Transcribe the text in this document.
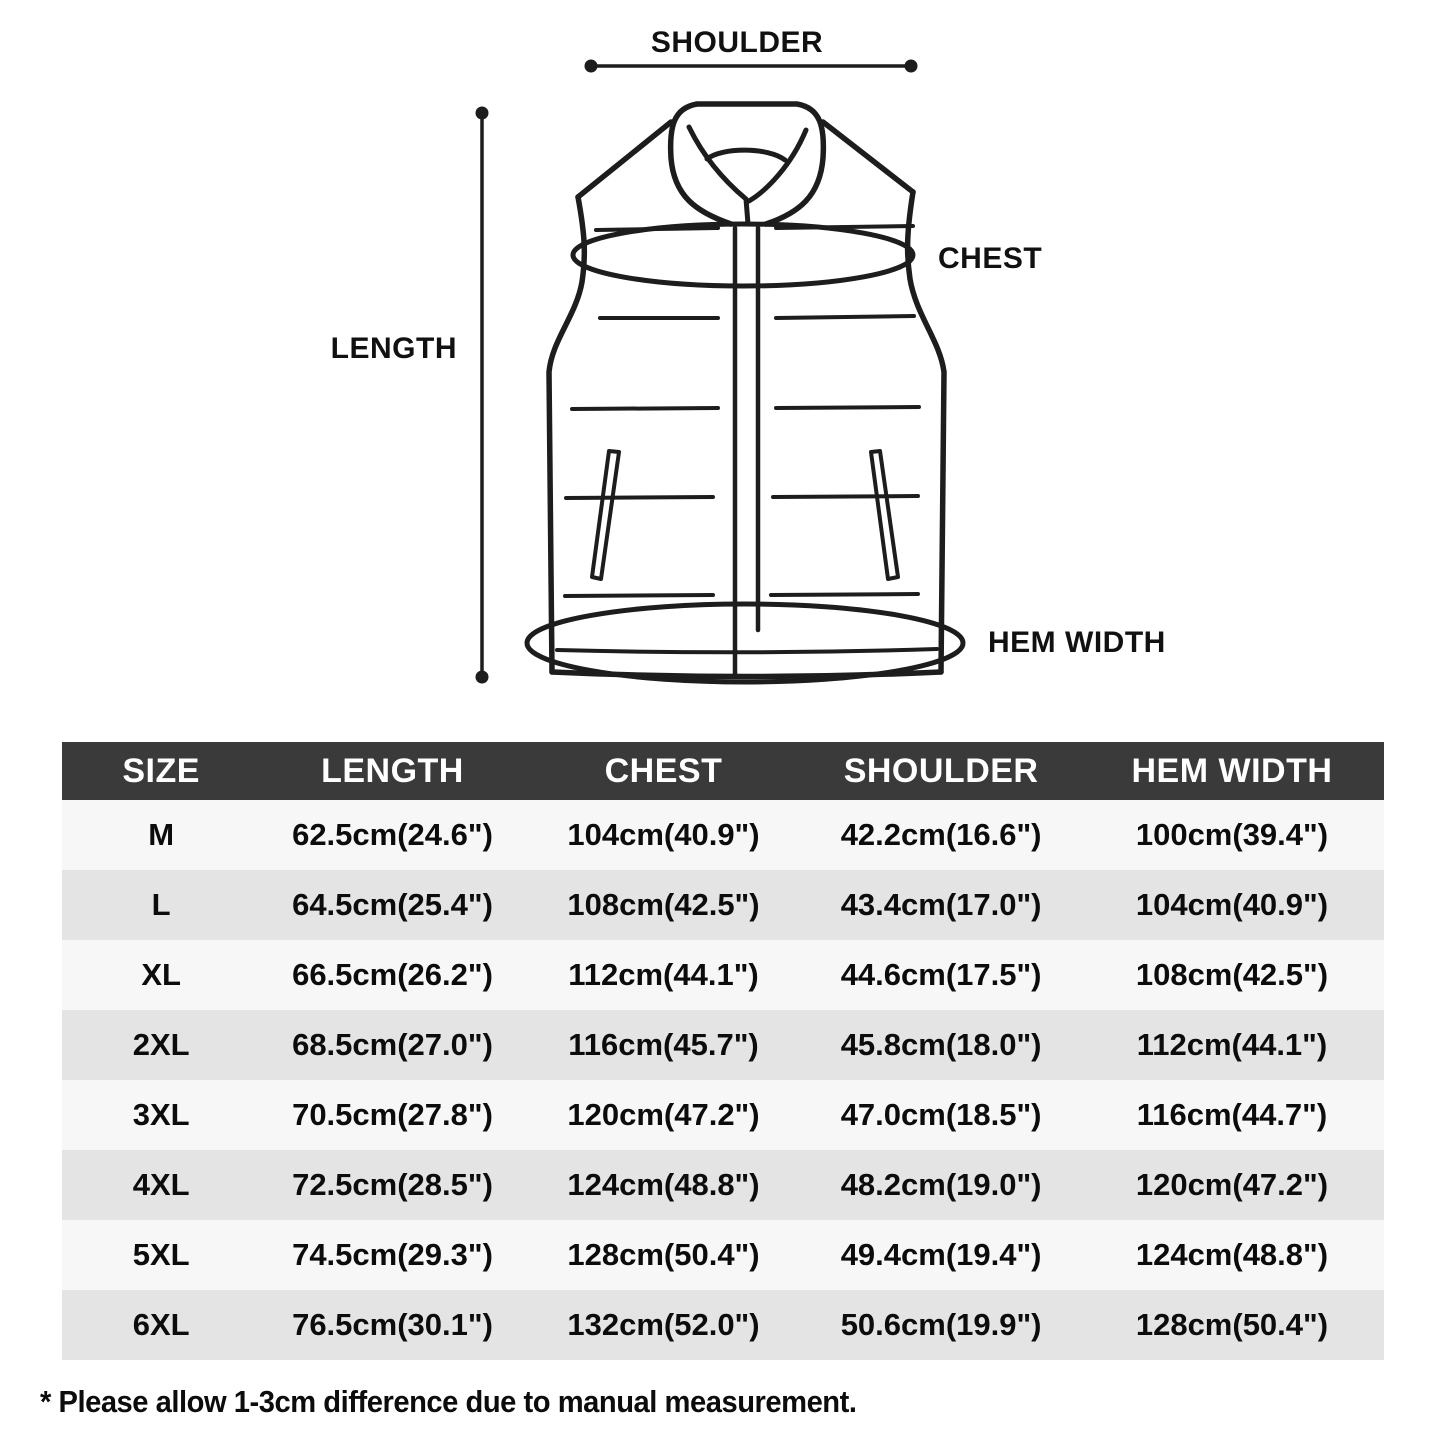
SHOULDER
LENGTH
CHEST
HEM WIDTH
SIZE	LENGTH	CHEST	SHOULDER	HEM WIDTH
M	62.5cm(24.6")	104cm(40.9")	42.2cm(16.6")	100cm(39.4")
L	64.5cm(25.4")	108cm(42.5")	43.4cm(17.0")	104cm(40.9")
XL	66.5cm(26.2")	112cm(44.1")	44.6cm(17.5")	108cm(42.5")
2XL	68.5cm(27.0")	116cm(45.7")	45.8cm(18.0")	112cm(44.1")
3XL	70.5cm(27.8")	120cm(47.2")	47.0cm(18.5")	116cm(44.7")
4XL	72.5cm(28.5")	124cm(48.8")	48.2cm(19.0")	120cm(47.2")
5XL	74.5cm(29.3")	128cm(50.4")	49.4cm(19.4")	124cm(48.8")
6XL	76.5cm(30.1")	132cm(52.0")	50.6cm(19.9")	128cm(50.4")
* Please allow 1-3cm difference due to manual measurement.
